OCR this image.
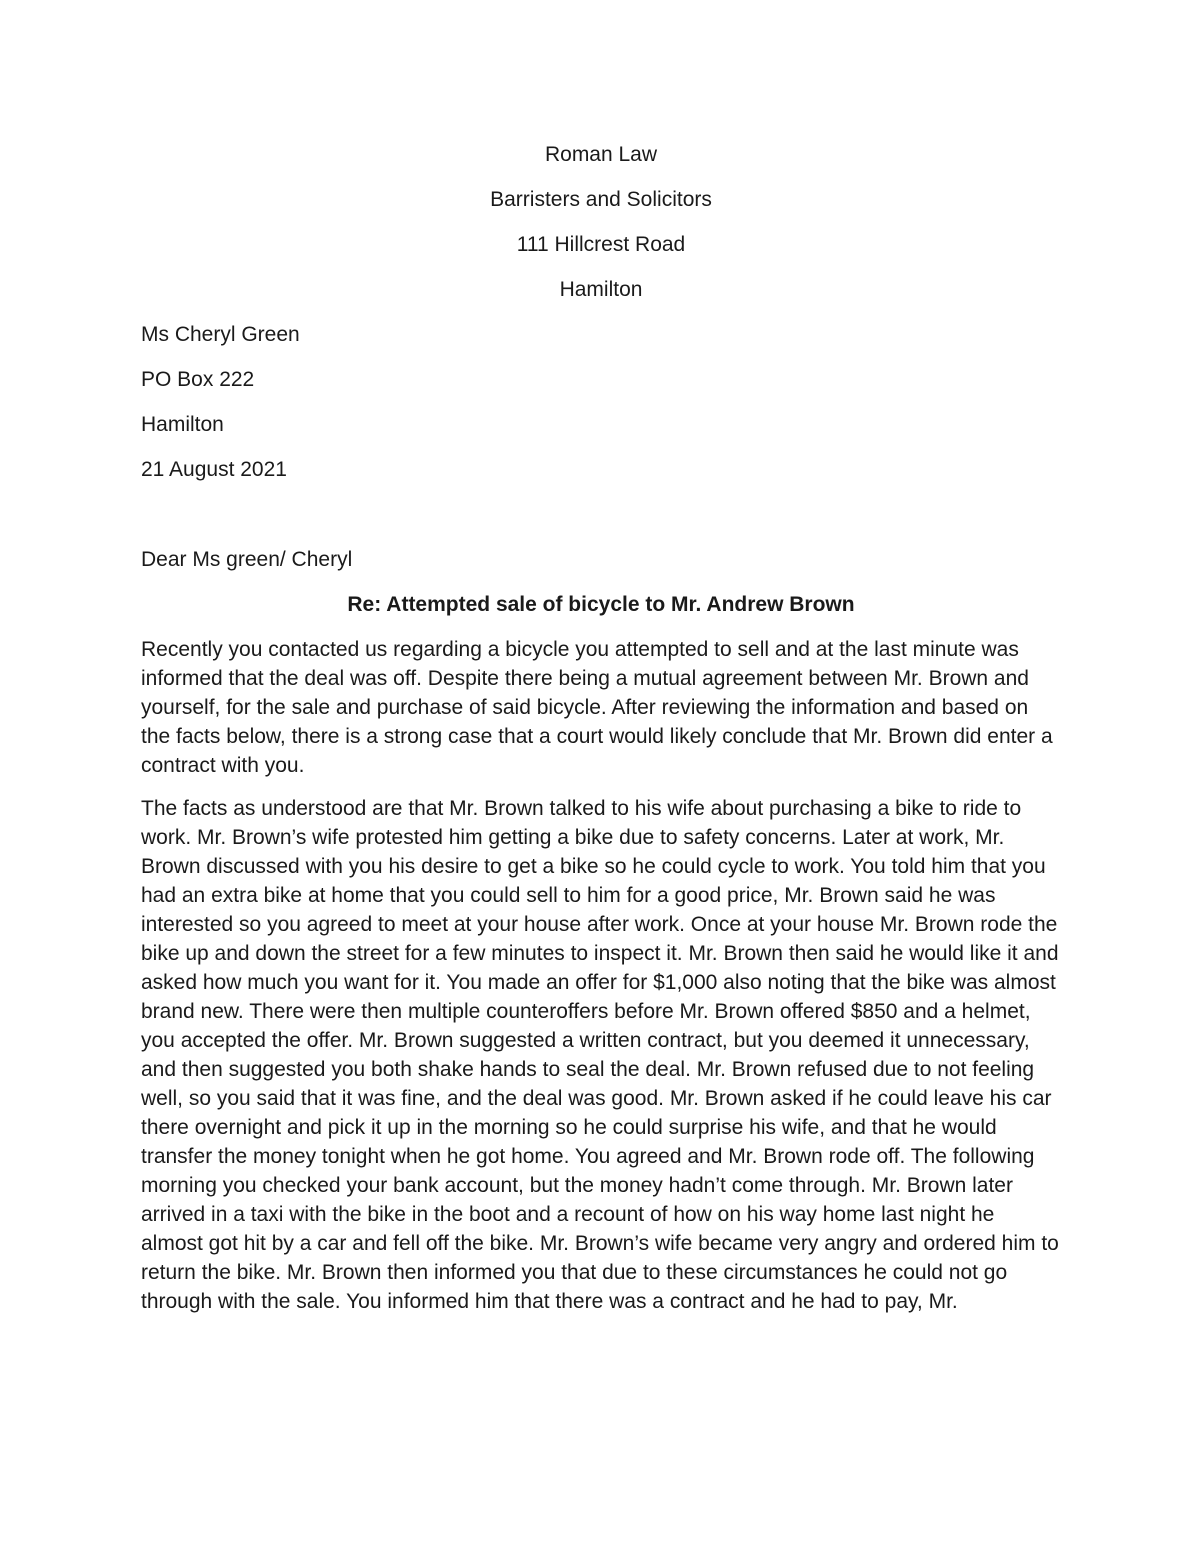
Roman Law

Barristers and Solicitors

111 Hillcrest Road

Hamilton

Ms Cheryl Green

PO Box 222

Hamilton

21 August 2021

Dear Ms green/ Cheryl

Re: Attempted sale of bicycle to Mr. Andrew Brown

Recently you contacted us regarding a bicycle you attempted to sell and at the last minute was informed that the deal was off. Despite there being a mutual agreement between Mr. Brown and yourself, for the sale and purchase of said bicycle. After reviewing the information and based on the facts below, there is a strong case that a court would likely conclude that Mr. Brown did enter a contract with you.

The facts as understood are that Mr. Brown talked to his wife about purchasing a bike to ride to work. Mr. Brown’s wife protested him getting a bike due to safety concerns. Later at work, Mr. Brown discussed with you his desire to get a bike so he could cycle to work. You told him that you had an extra bike at home that you could sell to him for a good price, Mr. Brown said he was interested so you agreed to meet at your house after work. Once at your house Mr. Brown rode the bike up and down the street for a few minutes to inspect it. Mr. Brown then said he would like it and asked how much you want for it. You made an offer for $1,000 also noting that the bike was almost brand new. There were then multiple counteroffers before Mr. Brown offered $850 and a helmet, you accepted the offer. Mr. Brown suggested a written contract, but you deemed it unnecessary, and then suggested you both shake hands to seal the deal. Mr. Brown refused due to not feeling well, so you said that it was fine, and the deal was good. Mr. Brown asked if he could leave his car there overnight and pick it up in the morning so he could surprise his wife, and that he would transfer the money tonight when he got home. You agreed and Mr. Brown rode off. The following morning you checked your bank account, but the money hadn’t come through. Mr. Brown later arrived in a taxi with the bike in the boot and a recount of how on his way home last night he almost got hit by a car and fell off the bike. Mr. Brown’s wife became very angry and ordered him to return the bike. Mr. Brown then informed you that due to these circumstances he could not go through with the sale. You informed him that there was a contract and he had to pay, Mr.
